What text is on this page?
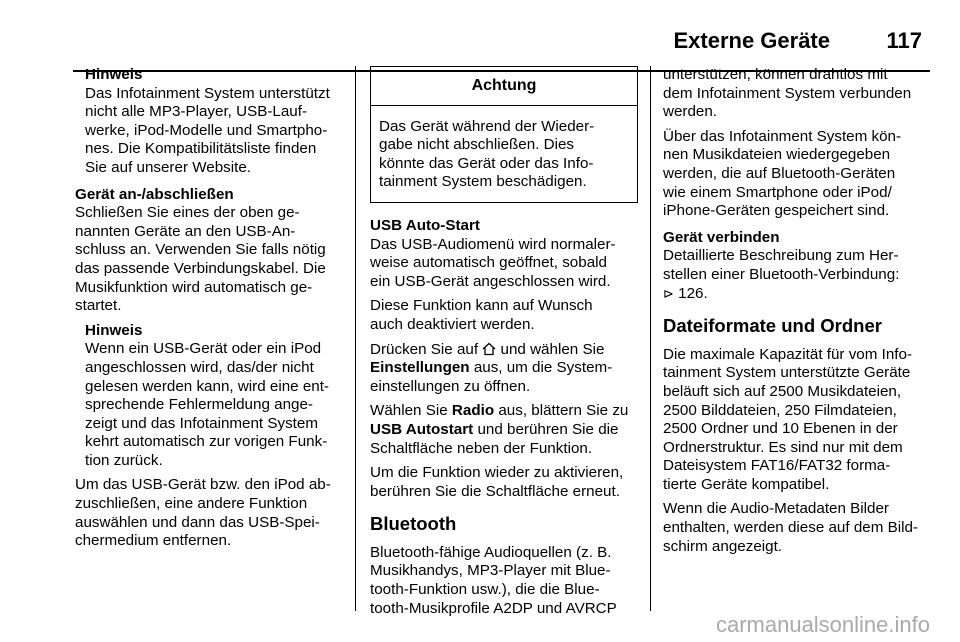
Externe Geräte	117
Hinweis
Das Infotainment System unterstützt
nicht alle MP3-Player, USB-Lauf-
werke, iPod-Modelle und Smartpho-
nes. Die Kompatibilitätsliste finden
Sie auf unserer Website.
Gerät an-/abschließen

Schließen Sie eines der oben ge-
nannten Geräte an den USB-An-
schluss an. Verwenden Sie falls nötig
das passende Verbindungskabel. Die
Musikfunktion wird automatisch ge-
startet.

Hinweis
Wenn ein USB-Gerät oder ein iPod
angeschlossen wird, das/der nicht
gelesen werden kann, wird eine ent-
sprechende Fehlermeldung ange-
zeigt und das Infotainment System
kehrt automatisch zur vorigen Funk-
tion zurück.

Um das USB-Gerät bzw. den iPod ab-
zuschließen, eine andere Funktion
auswählen und dann das USB-Spei-
chermedium entfernen.

Achtung
Das Gerät während der Wieder-
gabe nicht abschließen. Dies
könnte das Gerät oder das Info-
tainment System beschädigen.
USB Auto-Start

Das USB-Audiomenü wird normaler-
weise automatisch geöffnet, sobald
ein USB-Gerät angeschlossen wird.

Diese Funktion kann auf Wunsch
auch deaktiviert werden.

Drücken Sie auf und wählen Sie
Einstellungen aus, um die System-
einstellungen zu öffnen.

Wählen Sie Radio aus, blättern Sie zu
USB Autostart und berühren Sie die
Schaltfläche neben der Funktion.

Um die Funktion wieder zu aktivieren,
berühren Sie die Schaltfläche erneut.

Bluetooth

Bluetooth-fähige Audioquellen (z. B.
Musikhandys, MP3-Player mit Blue-
tooth-Funktion usw.), die die Blue-
tooth-Musikprofile A2DP und AVRCP

unterstützen, können drahtlos mit
dem Infotainment System verbunden
werden.

Über das Infotainment System kön-
nen Musikdateien wiedergegeben
werden, die auf Bluetooth-Geräten
wie einem Smartphone oder iPod/
iPhone-Geräten gespeichert sind.

Gerät verbinden

Detaillierte Beschreibung zum Her-
stellen einer Bluetooth-Verbindung:
⊳ 126.

Dateiformate und Ordner

Die maximale Kapazität für vom Info-
tainment System unterstützte Geräte
beläuft sich auf 2500 Musikdateien,
2500 Bilddateien, 250 Filmdateien,
2500 Ordner und 10 Ebenen in der
Ordnerstruktur. Es sind nur mit dem
Dateisystem FAT16/FAT32 forma-
tierte Geräte kompatibel.

Wenn die Audio-Metadaten Bilder
enthalten, werden diese auf dem Bild-
schirm angezeigt.

carmanualsonline.info
